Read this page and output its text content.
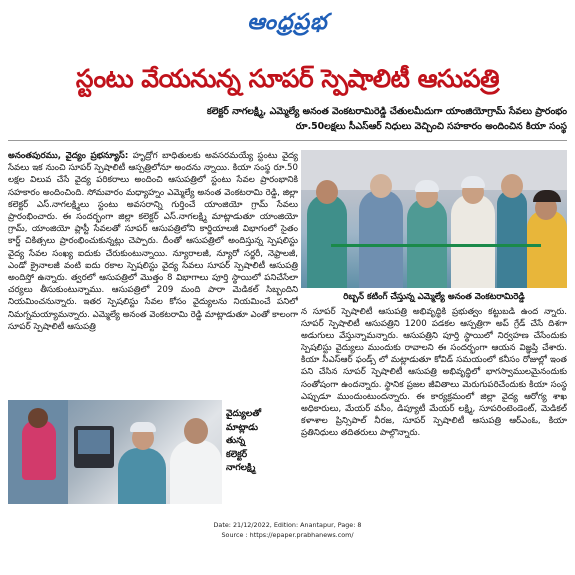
ఆంధ్రప్రభ
స్టంటు వేయనున్న సూపర్ స్పెషాలిటీ ఆసుపత్రి
కలెక్టర్ నాగలక్ష్మి, ఎమ్మెల్యే అనంత వెంకటరామిరెడ్డి చేతులమీదుగా యాంజియోగ్రామ్ సేవలు ప్రారంభం
రూ.50లక్షలు సీఎస్ఆర్ నిధులు వెచ్చించి సహకారం అందించిన కియా సంస్థ
అనంతపురము, వైద్యం ప్రభన్యూస్: హృద్రోగ బాధితులకు అవసరమయ్యే స్టంటు వైద్య సేవలు ఇక నుంచి సూపర్ స్పెషాలిటీ ఆస్పత్రిలోనూ అందను న్నాయి. కియా సంస్థ రూ.50 లక్షల విలువ చేసే వైద్య పరికరాలు అందించి ఆసుపత్రిలో స్టంటు సేవల ప్రారంభానికి సహకారం అందించింది. సోమవారం మధ్యాహ్నం ఎమ్మెల్యే అనంత వెంకటరామి రెడ్డి, జిల్లా కలెక్టర్ ఎస్.నాగలక్ష్మిలు స్టంటు అవసరాన్ని గుర్తించే యాంజియో గ్రామ్ సేవలు ప్రారంభించారు. ఈ సందర్భంగా జిల్లా కలెక్టర్ ఎస్.నాగలక్ష్మి మాట్లాడుతూ యాంజియో గ్రామ్, యాంజియో ప్లాస్టీ సేవలతో సూపర్ ఆసుపత్రిలోని కార్డియాలజీ విభాగంలో సైతం కార్డ్ చికిత్సలు ప్రారంభించుకున్నట్లు చెప్పారు. దీంతో ఆసుపత్రిలో అందిస్తున్న స్పెషలిస్టు వైద్య సేవల సంఖ్య ఐదుకు చేరుకుంటున్నాయి. న్యూరాలజీ, న్యూరో సర్జరీ, నెఫ్రాలజీ, ఎండో క్రైనాలజీ వంటి ఐదు రకాల స్పెషలిస్టు వైద్య సేవలు సూపర్ స్పెషాలిటీ ఆసుపత్రి అందిస్తో ఉన్నారు. త్వరలో ఆసుపత్రిలో మొత్తం 8 విభాగాలు పూర్తి స్థాయిలో పనిచేసేలా చర్యలు తీసుకుంటున్నాము. ఆసుపత్రిలో 209 మంది పారా మెడికల్ సిబ్బందిని నియమించనున్నారు. ఇతర స్పెషలిస్టు సేవల కోసం వైద్యులను నియమించే పనిలో నిమగ్నమయ్యామన్నారు. ఎమ్మెల్యే అనంత వెంకటరామి రెడ్డి మాట్లాడుతూ ఎంతో కాలంగా సూపర్ స్పెషాలిటీ ఆసుపత్రి
రిబ్బన్ కటింగ్ చేస్తున్న ఎమ్మెల్యే అనంత వెంకటరామిరెడ్డి
న సూపర్ స్పెషాలిటీ ఆసుపత్రి అభివృద్ధికి ప్రభుత్వం కట్టుబడి ఉంద న్నారు. సూపర్ స్పెషాలిటీ ఆసుపత్రిని 1200 పడకల ఆస్పత్రిగా అప్ గ్రేడ్ చేసే దిశగా అడుగులు వేస్తున్నామన్నారు. ఆసుపత్రిని పూర్తి స్థాయిలో నిర్వహణ చేసేందుకు స్పెషలిస్టు వైద్యులు ముందుకు రావాలని ఈ సందర్భంగా ఆయన విజ్ఞప్తి చేశారు. కియా సీఎస్ఆర్ ఫండ్స్ లో మట్లాడుతూ కోవిడ్ సమయంలో కనీసం రోజుల్లో ఇంత పని చేసిన సూపర్ స్పెషాలిటీ ఆసుపత్రి అభివృద్ధిలో భాగస్వాములమైనందుకు సంతోషంగా ఉందన్నారు. స్థానిక ప్రజల జీవితాలు మెరుగుపరిచేందుకు కియా సంస్థ ఎప్పుడూ ముందుంటుందన్నారు. ఈ కార్యక్రమంలో జిల్లా వైద్య ఆరోగ్య శాఖ అధికారులు, మేయర్ వసీం, డిప్యూటీ మేయర్ లక్ష్మి, సూపరింటెండెంట్, మెడికల్ కళాశాల ప్రిన్సిపాల్ నీరజ, సూపర్ స్పెషాలిటీ ఆసుపత్రి ఆర్ఎంఓ, కియా ప్రతినిధులు తదితరులు పాల్గొన్నారు.
వైద్యులతో
మాట్లాడు
తున్న
కలెక్టర్
నాగలక్ష్మి
Date: 21/12/2022, Edition: Anantapur, Page: 8
Source : https://epaper.prabhanews.com/
